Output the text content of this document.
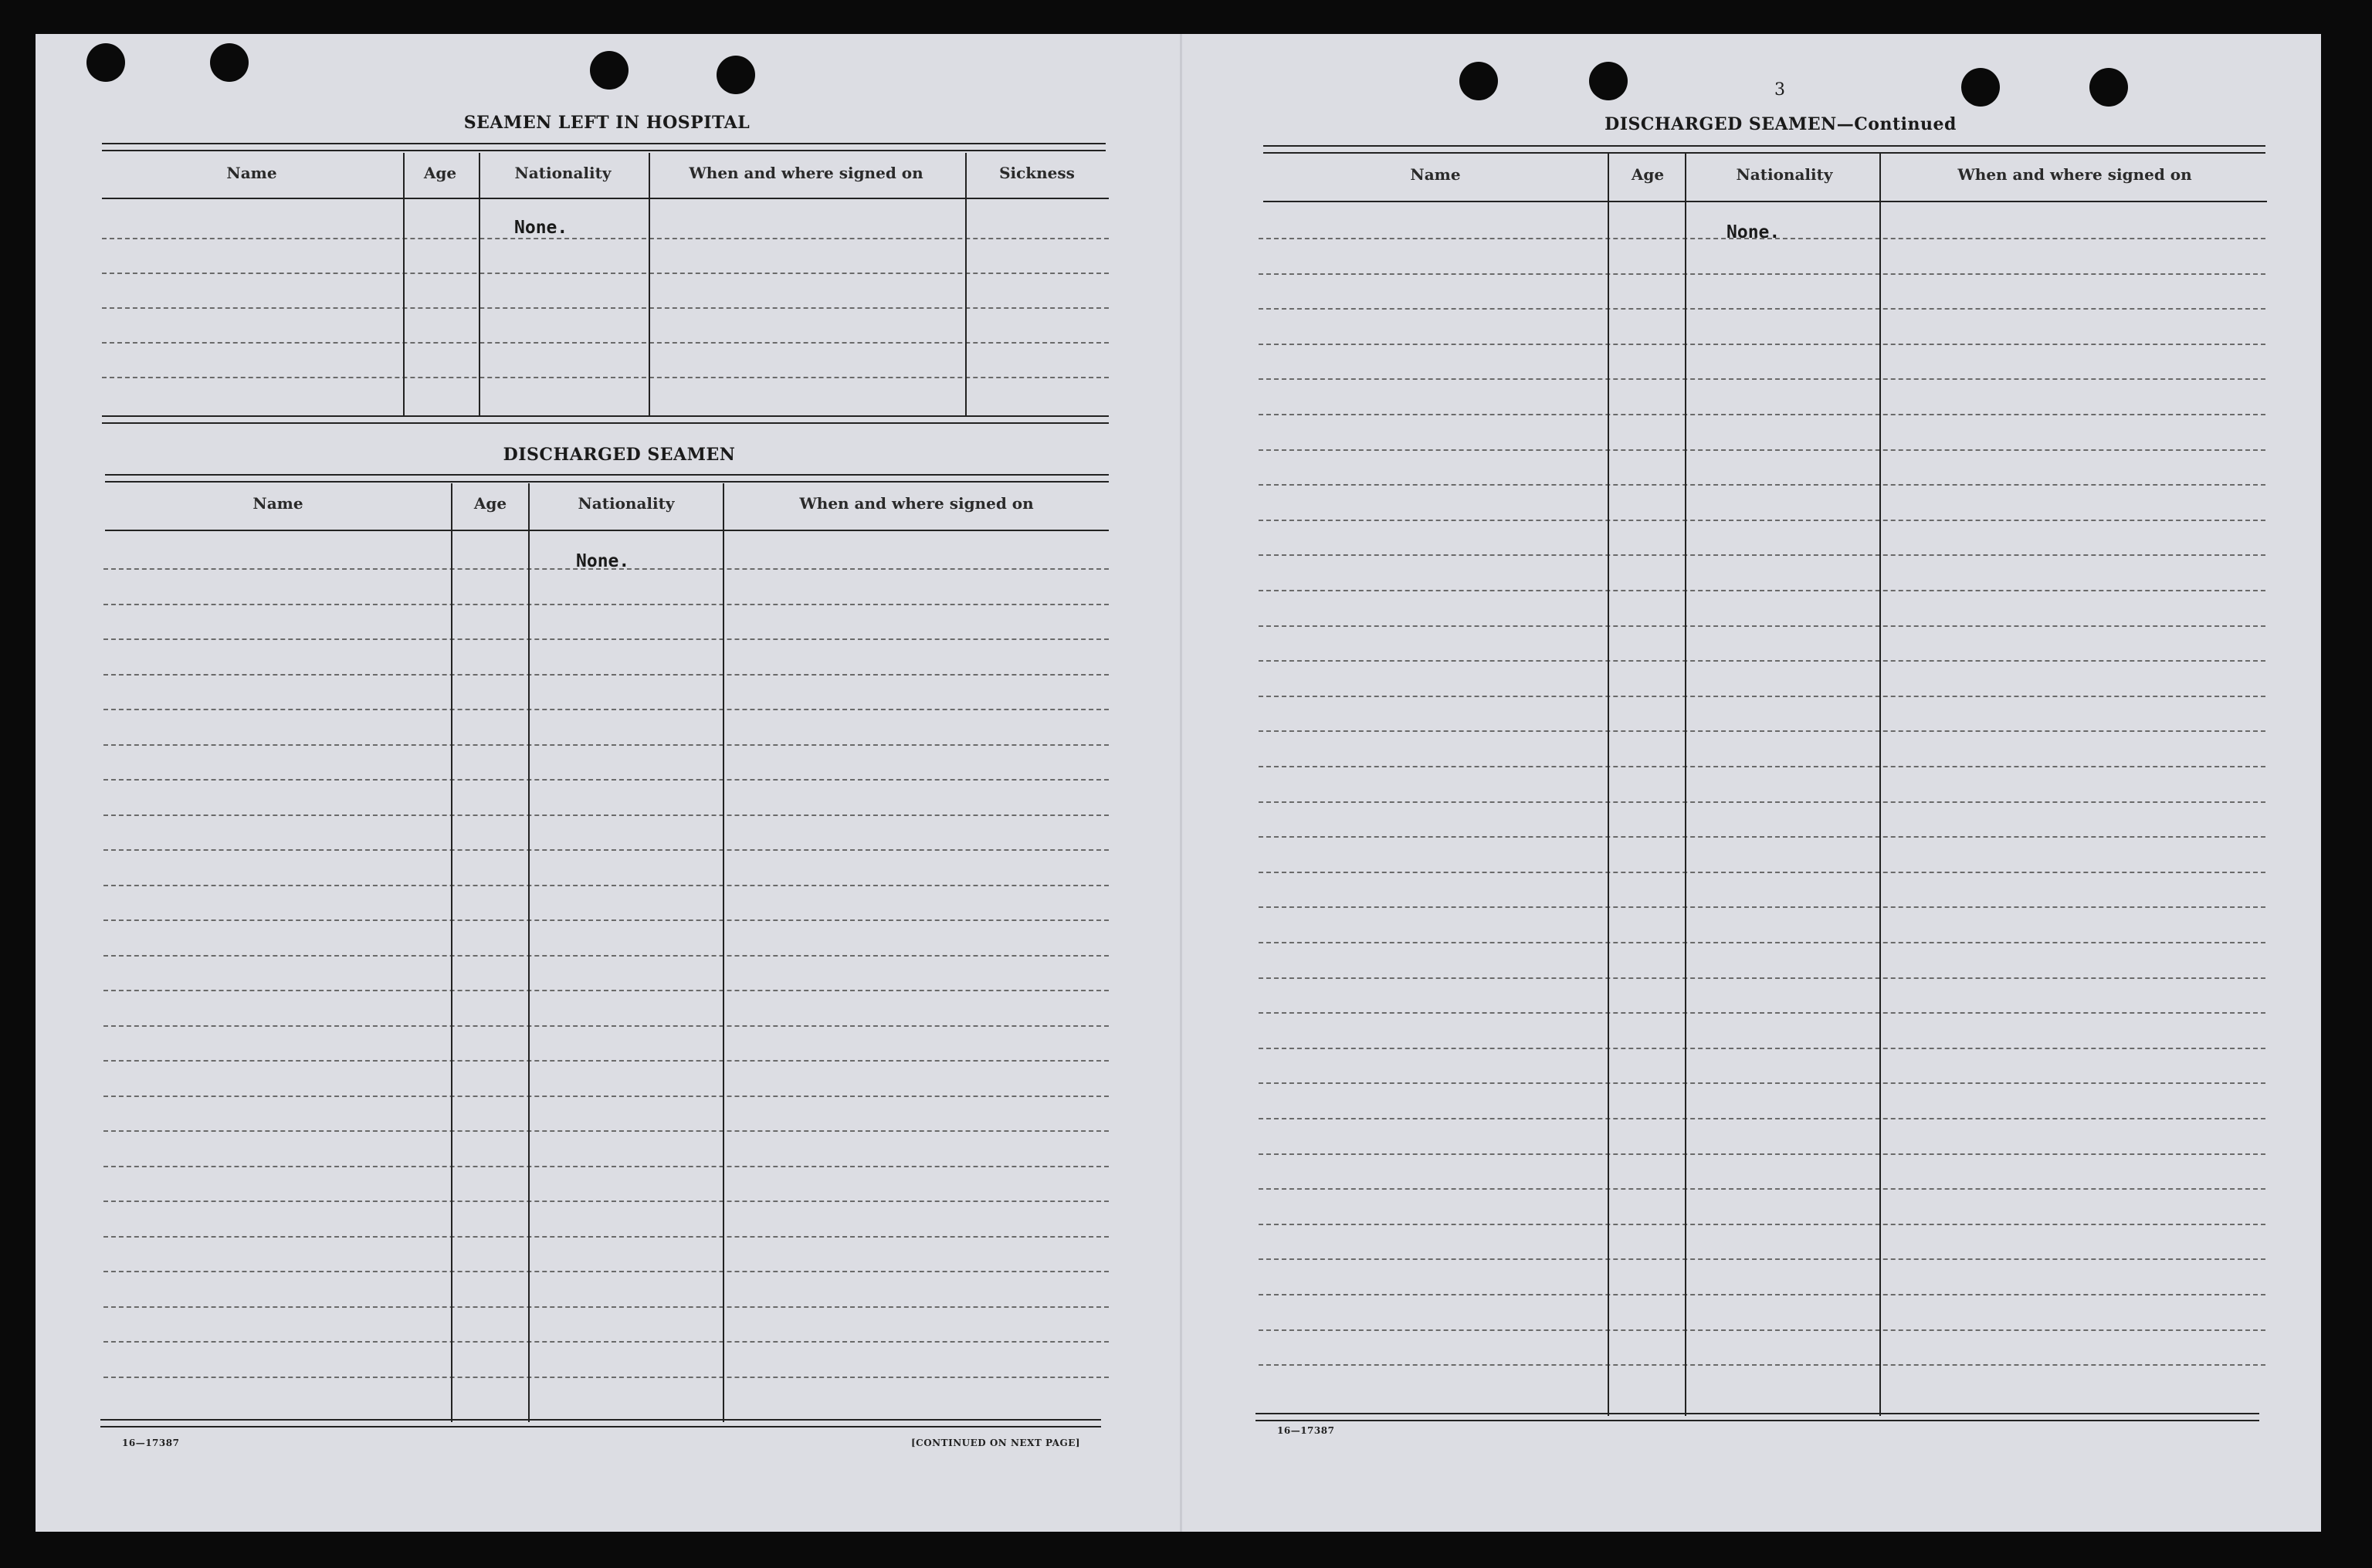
SEAMEN LEFT IN HOSPITAL
Name	Age	Nationality	When and where signed on	Sickness
None.
DISCHARGED SEAMEN
Name	Age	Nationality	When and where signed on
None.
16—17387	[CONTINUED ON NEXT PAGE]
3
DISCHARGED SEAMEN—Continued
Name	Age	Nationality	When and where signed on
None.
16—17387
